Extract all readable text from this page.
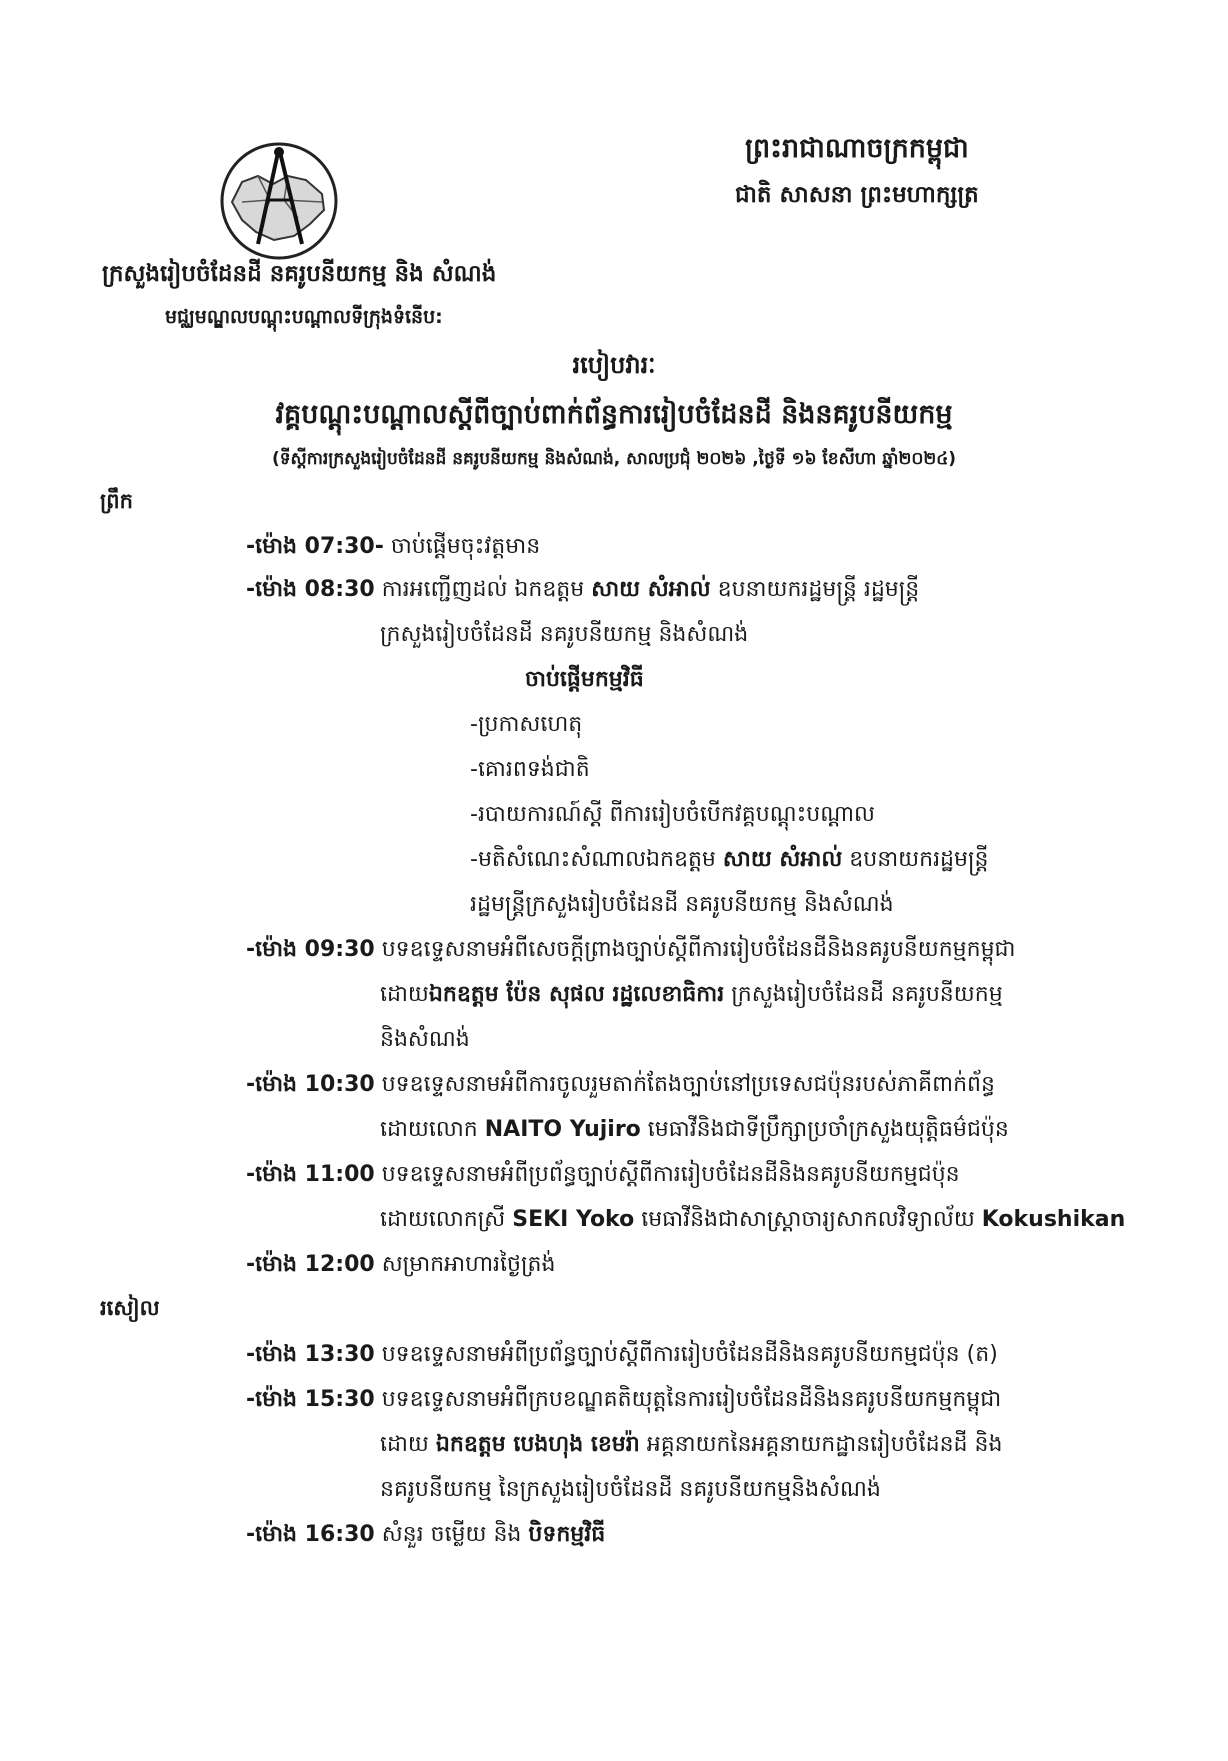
ព្រះរាជាណាចក្រកម្ពុជា
ជាតិ សាសនា ព្រះមហាក្សត្រ
ក្រសួងរៀបចំដែនដី នគរូបនីយកម្ម និង សំណង់
មជ្ឈមណ្ឌលបណ្តុះបណ្តាលទីក្រុងទំនើប:
របៀបវារៈ
វគ្គបណ្តុះបណ្តាលស្តីពីច្បាប់ពាក់ព័ន្ធការរៀបចំដែនដី និងនគរូបនីយកម្ម
(ទីស្តីការក្រសួងរៀបចំដែនដី នគរូបនីយកម្ម និងសំណង់, សាលប្រជុំ ២០២៦ ,ថ្ងៃទី ១៦ ខែសីហា ឆ្នាំ២០២៤)
ព្រឹក
-ម៉ោង 07:30- ចាប់ផ្តើមចុះវត្តមាន
-ម៉ោង 08:30 ការអញ្ជើញដល់ ឯកឧត្តម សាយ សំអាល់ ឧបនាយករដ្ឋមន្ត្រី រដ្ឋមន្ត្រី
ក្រសួងរៀបចំដែនដី នគរូបនីយកម្ម និងសំណង់
ចាប់ផ្តើមកម្មវិធី
-ប្រកាសហេតុ
-គោរពទង់ជាតិ
-របាយការណ៍ស្តី ពីការរៀបចំបើកវគ្គបណ្តុះបណ្តាល
-មតិសំណេះសំណាលឯកឧត្តម សាយ សំអាល់ ឧបនាយករដ្ឋមន្ត្រី
រដ្ឋមន្ត្រីក្រសួងរៀបចំដែនដី នគរូបនីយកម្ម និងសំណង់
-ម៉ោង 09:30 បទឧទ្ទេសនាមអំពីសេចក្តីព្រាងច្បាប់ស្តីពីការរៀបចំដែនដីនិងនគរូបនីយកម្មកម្ពុជា
ដោយឯកឧត្តម ប៉ែន សុផល រដ្ឋលេខាធិការ ក្រសួងរៀបចំដែនដី នគរូបនីយកម្ម
និងសំណង់
-ម៉ោង 10:30 បទឧទ្ទេសនាមអំពីការចូលរួមតាក់តែងច្បាប់នៅប្រទេសជប៉ុនរបស់ភាគីពាក់ព័ន្ធ
ដោយលោក NAITO Yujiro មេធាវីនិងជាទីប្រឹក្សាប្រចាំក្រសួងយុត្តិធម៌ជប៉ុន
-ម៉ោង 11:00 បទឧទ្ទេសនាមអំពីប្រព័ន្ធច្បាប់ស្តីពីការរៀបចំដែនដីនិងនគរូបនីយកម្មជប៉ុន
ដោយលោកស្រី SEKI Yoko មេធាវីនិងជាសាស្ត្រាចារ្យសាកលវិទ្យាល័យ Kokushikan
-ម៉ោង 12:00 សម្រាកអាហារថ្ងៃត្រង់
រសៀល
-ម៉ោង 13:30 បទឧទ្ទេសនាមអំពីប្រព័ន្ធច្បាប់ស្តីពីការរៀបចំដែនដីនិងនគរូបនីយកម្មជប៉ុន (ត)
-ម៉ោង 15:30 បទឧទ្ទេសនាមអំពីក្របខណ្ឌគតិយុត្តនៃការរៀបចំដែនដីនិងនគរូបនីយកម្មកម្ពុជា
ដោយ ឯកឧត្តម បេងហុង ខេមរ៉ា អគ្គនាយកនៃអគ្គនាយកដ្ឋានរៀបចំដែនដី និង
នគរូបនីយកម្ម នៃក្រសួងរៀបចំដែនដី នគរូបនីយកម្មនិងសំណង់
-ម៉ោង 16:30 សំនួរ ចម្លើយ និង បិទកម្មវិធី
